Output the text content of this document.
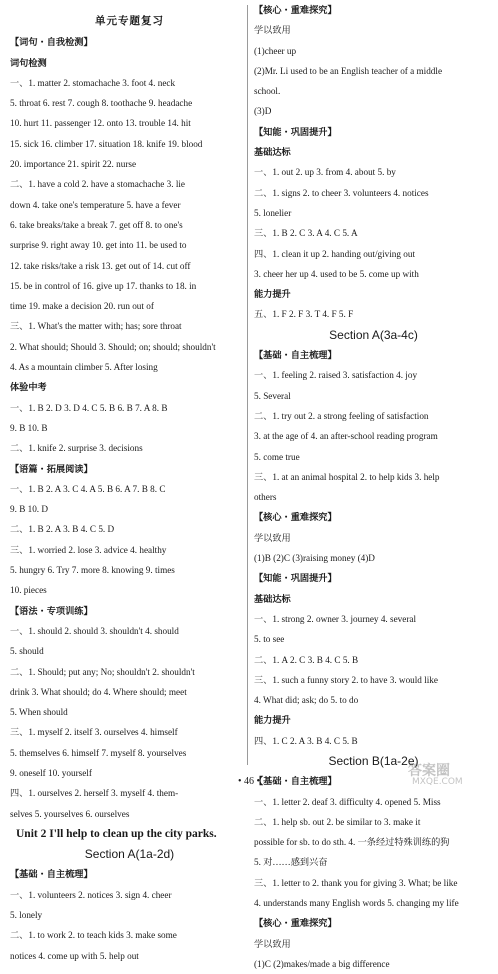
单元专题复习
【词句・自我检测】
词句检测
一、1. matter 2. stomachache 3. foot 4. neck
5. throat 6. rest 7. cough 8. toothache 9. headache
10. hurt 11. passenger 12. onto 13. trouble 14. hit
15. sick 16. climber 17. situation 18. knife 19. blood
20. importance 21. spirit 22. nurse
二、1. have a cold 2. have a stomachache 3. lie
down 4. take one's temperature 5. have a fever
6. take breaks/take a break 7. get off 8. to one's
surprise 9. right away 10. get into 11. be used to
12. take risks/take a risk 13. get out of 14. cut off
15. be in control of 16. give up 17. thanks to 18. in
time 19. make a decision 20. run out of
三、1. What's the matter with; has; sore throat
2. What should; Should 3. Should; on; should; shouldn't
4. As a mountain climber 5. After losing
体验中考
一、1. B 2. D 3. D 4. C 5. B 6. B 7. A 8. B
9. B 10. B
二、1. knife 2. surprise 3. decisions
【语篇・拓展阅读】
一、1. B 2. A 3. C 4. A 5. B 6. A 7. B 8. C
9. B 10. D
二、1. B 2. A 3. B 4. C 5. D
三、1. worried 2. lose 3. advice 4. healthy
5. hungry 6. Try 7. more 8. knowing 9. times
10. pieces
【语法・专项训练】
一、1. should 2. should 3. shouldn't 4. should
5. should
二、1. Should; put any; No; shouldn't 2. shouldn't
drink 3. What should; do 4. Where should; meet
5. When should
三、1. myself 2. itself 3. ourselves 4. himself
5. themselves 6. himself 7. myself 8. yourselves
9. oneself 10. yourself
四、1. ourselves 2. herself 3. myself 4. them-
selves 5. yourselves 6. ourselves
Unit 2 I'll help to clean up the city parks.
Section A(1a-2d)
【基础・自主梳理】
一、1. volunteers 2. notices 3. sign 4. cheer
5. lonely
二、1. to work 2. to teach kids 3. make some
notices 4. come up with 5. help out
【核心・重难探究】
学以致用
(1)cheer up
(2)Mr. Li used to be an English teacher of a middle
school.
(3)D
【知能・巩固提升】
基础达标
一、1. out 2. up 3. from 4. about 5. by
二、1. signs 2. to cheer 3. volunteers 4. notices
5. lonelier
三、1. B 2. C 3. A 4. C 5. A
四、1. clean it up 2. handing out/giving out
3. cheer her up 4. used to be 5. come up with
能力提升
五、1. F 2. F 3. T 4. F 5. F
Section A(3a-4c)
【基础・自主梳理】
一、1. feeling 2. raised 3. satisfaction 4. joy
5. Several
二、1. try out 2. a strong feeling of satisfaction
3. at the age of 4. an after-school reading program
5. come true
三、1. at an animal hospital 2. to help kids 3. help
others
【核心・重难探究】
学以致用
(1)B (2)C (3)raising money (4)D
【知能・巩固提升】
基础达标
一、1. strong 2. owner 3. journey 4. several
5. to see
二、1. A 2. C 3. B 4. C 5. B
三、1. such a funny story 2. to have 3. would like
4. What did; ask; do 5. to do
能力提升
四、1. C 2. A 3. B 4. C 5. B
Section B(1a-2e)
【基础・自主梳理】
一、1. letter 2. deaf 3. difficulty 4. opened 5. Miss
二、1. help sb. out 2. be similar to 3. make it
possible for sb. to do sth. 4. 一条经过特殊训练的狗
5. 对……感到兴奋
三、1. letter to 2. thank you for giving 3. What; be like
4. understands many English words 5. changing my life
【核心・重难探究】
学以致用
(1)C (2)makes/made a big difference
• 46 •
答案圈
MXQE.COM
